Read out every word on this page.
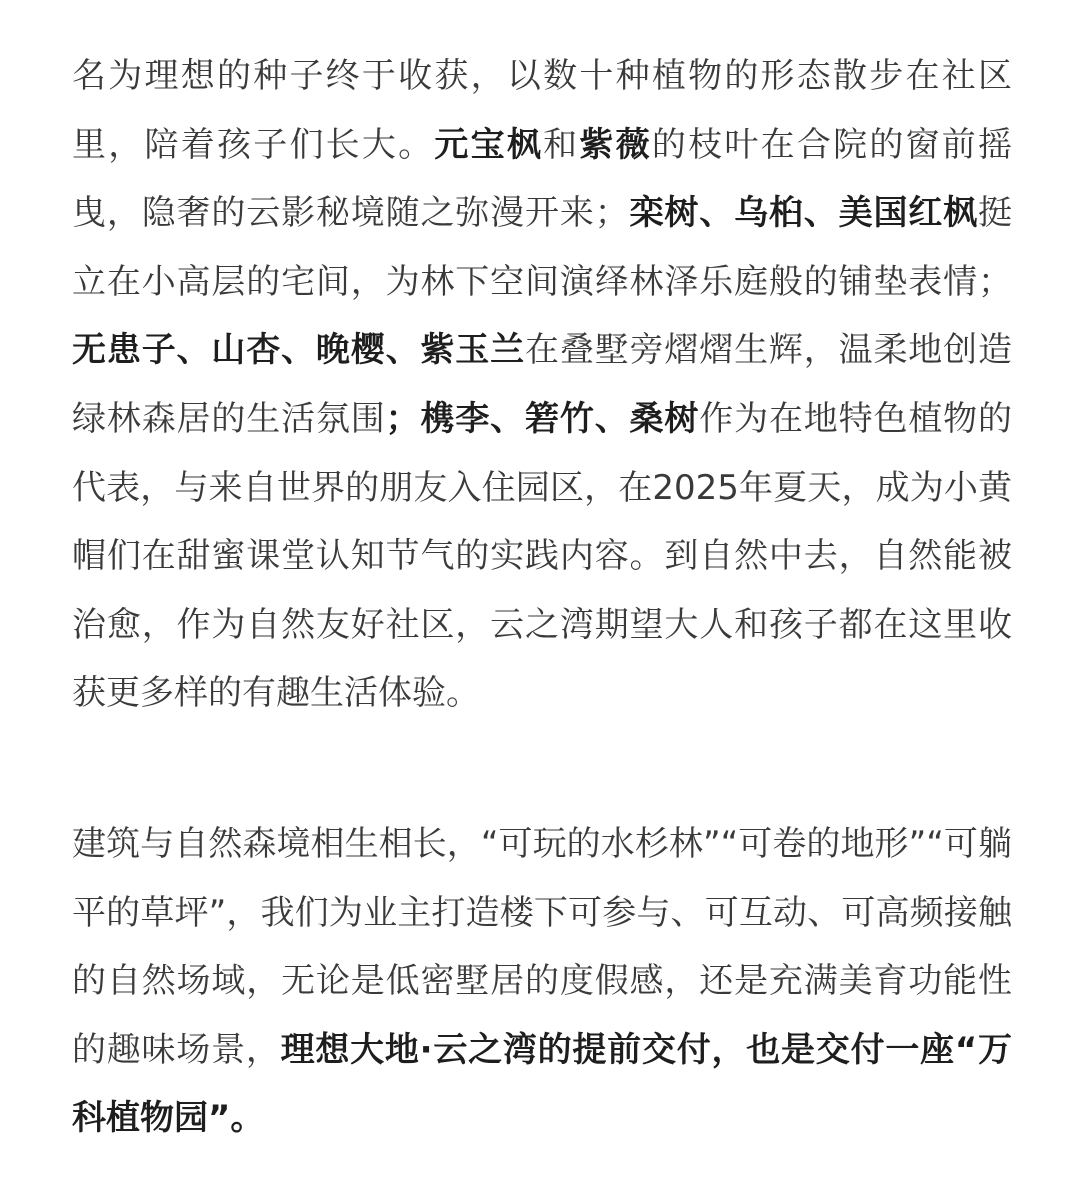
名为理想的种子终于收获，以数十种植物的形态散步在社区里，陪着孩子们长大。元宝枫和紫薇的枝叶在合院的窗前摇曳，隐奢的云影秘境随之弥漫开来；栾树、乌桕、美国红枫挺立在小高层的宅间，为林下空间演绎林泽乐庭般的铺垫表情；无患子、山杏、晚樱、紫玉兰在叠墅旁熠熠生辉，温柔地创造绿林森居的生活氛围；槜李、箬竹、桑树作为在地特色植物的代表，与来自世界的朋友入住园区，在2025年夏天，成为小黄帽们在甜蜜课堂认知节气的实践内容。到自然中去，自然能被治愈，作为自然友好社区，云之湾期望大人和孩子都在这里收获更多样的有趣生活体验。

建筑与自然森境相生相长，“可玩的水杉林”“可卷的地形”“可躺平的草坪”，我们为业主打造楼下可参与、可互动、可高频接触的自然场域，无论是低密墅居的度假感，还是充满美育功能性的趣味场景，理想大地·云之湾的提前交付，也是交付一座“万科植物园”。
